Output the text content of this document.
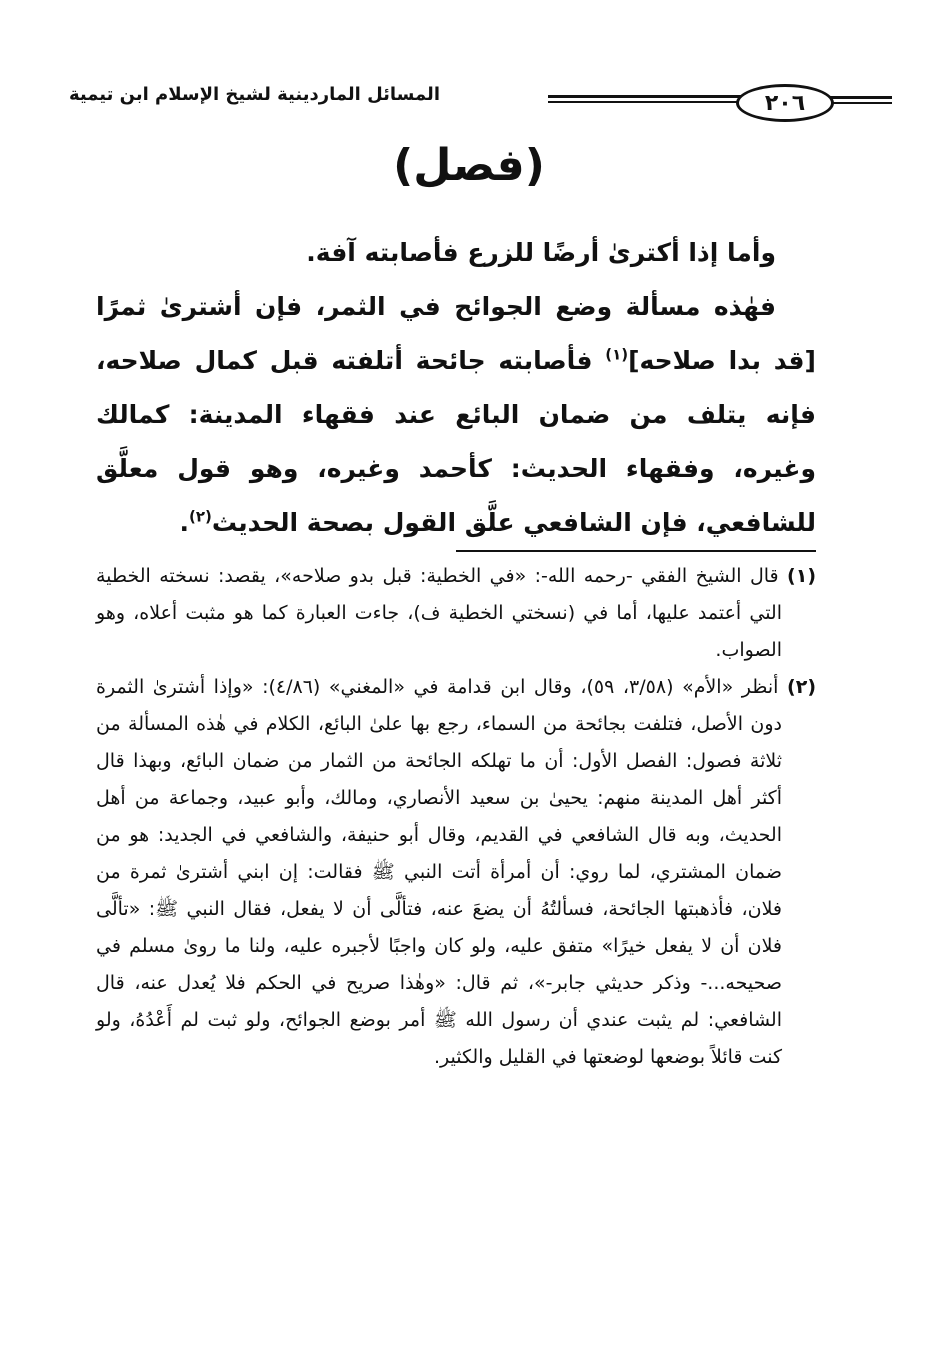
المسائل الماردينية لشيخ الإسلام ابن تيمية	٢٠٦
(فصل)

وأما إذا أكترىٰ أرضًا للزرع فأصابته آفة.

فهٰذه مسألة وضع الجوائح في الثمر، فإن أشترىٰ ثمرًا [قد بدا صلاحه]$^{(١)}$ فأصابته جائحة أتلفته قبل كمال صلاحه، فإنه يتلف من ضمان البائع عند فقهاء المدينة: كمالك وغيره، وفقهاء الحديث: كأحمد وغيره، وهو قول معلَّق للشافعي، فإن الشافعي علَّق القول بصحة الحديث$^{(٢)}$.

(١) قال الشيخ الفقي -رحمه الله-: «في الخطية: قبل بدو صلاحه»، يقصد: نسخته الخطية التي أعتمد عليها، أما في (نسختي الخطية ف)، جاءت العبارة كما هو مثبت أعلاه، وهو الصواب.

(٢) أنظر «الأم» (٣/٥٨، ٥٩)، وقال ابن قدامة في «المغني» (٤/٨٦): «وإذا أشترىٰ الثمرة دون الأصل، فتلفت بجائحة من السماء، رجع بها علىٰ البائع، الكلام في هٰذه المسألة من ثلاثة فصول: الفصل الأول: أن ما تهلكه الجائحة من الثمار من ضمان البائع، وبهذا قال أكثر أهل المدينة منهم: يحيىٰ بن سعيد الأنصاري، ومالك، وأبو عبيد، وجماعة من أهل الحديث، وبه قال الشافعي في القديم، وقال أبو حنيفة، والشافعي في الجديد: هو من ضمان المشتري، لما روي: أن أمرأة أتت النبي ﷺ فقالت: إن ابني أشترىٰ ثمرة من فلان، فأذهبتها الجائحة، فسألتُهُ أن يضعَ عنه، فتألَّى أن لا يفعل، فقال النبي ﷺ: «تألَّى فلان أن لا يفعل خيرًا» متفق عليه، ولو كان واجبًا لأجبره عليه، ولنا ما روىٰ مسلم في صحيحه...- وذكر حديثي جابر-»، ثم قال: «وهٰذا صريح في الحكم فلا يُعدل عنه، قال الشافعي: لم يثبت عندي أن رسول الله ﷺ أمر بوضع الجوائح، ولو ثبت لم أَعْدُهُ، ولو كنت قائلاً بوضعها لوضعتها في القليل والكثير.
